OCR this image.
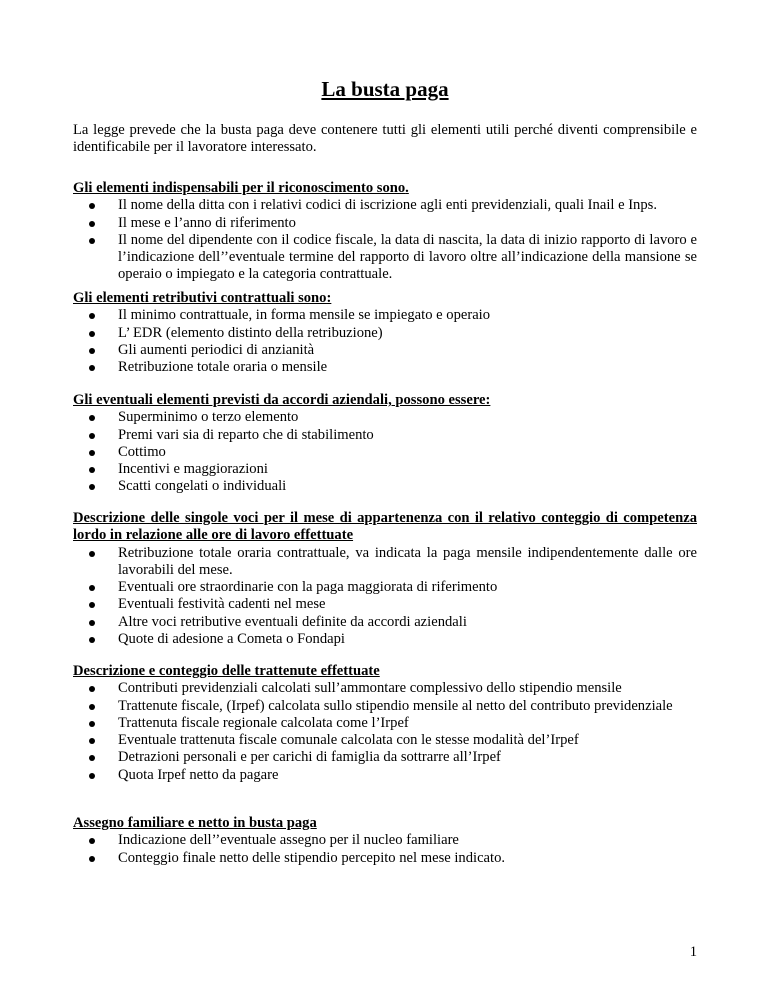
La busta paga

La legge prevede che la busta paga deve contenere tutti gli elementi utili perché diventi comprensibile e identificabile per il lavoratore interessato.

Gli elementi indispensabili per il riconoscimento sono.

Il nome della ditta con i relativi codici di iscrizione agli enti previdenziali, quali Inail e Inps.
Il mese e l’anno di riferimento
Il nome del dipendente con il codice fiscale, la data di nascita, la data di inizio rapporto di lavoro e l’indicazione dell’’eventuale termine del rapporto di lavoro oltre all’indicazione della mansione se operaio o impiegato e la categoria contrattuale.

Gli elementi retributivi contrattuali sono:

Il minimo contrattuale, in forma mensile se impiegato e operaio
L’ EDR (elemento distinto della retribuzione)
Gli aumenti periodici di anzianità
Retribuzione totale oraria o mensile

Gli eventuali elementi previsti da accordi aziendali, possono essere:

Superminimo o terzo elemento
Premi vari sia di reparto che di stabilimento
Cottimo
Incentivi e maggiorazioni
Scatti congelati o individuali

Descrizione delle singole voci per il mese di appartenenza con il relativo conteggio di competenza lordo in relazione alle ore di lavoro effettuate

Retribuzione totale oraria contrattuale, va indicata la paga mensile indipendentemente dalle ore lavorabili del mese.
Eventuali ore straordinarie con la paga maggiorata di riferimento
Eventuali festività cadenti nel mese
Altre voci retributive eventuali definite da accordi aziendali
Quote di adesione a Cometa o Fondapi

Descrizione e conteggio delle trattenute effettuate

Contributi previdenziali calcolati sull’ammontare complessivo dello stipendio mensile
Trattenute fiscale, (Irpef) calcolata sullo stipendio mensile al netto del contributo previdenziale
Trattenuta fiscale regionale calcolata come l’Irpef
Eventuale trattenuta fiscale comunale calcolata con le stesse modalità del’Irpef
Detrazioni personali e per carichi di famiglia da sottrarre all’Irpef
Quota Irpef netto da pagare

Assegno familiare e netto in busta paga

Indicazione dell’’eventuale assegno per il nucleo familiare
Conteggio finale netto delle stipendio percepito nel mese indicato.

1
